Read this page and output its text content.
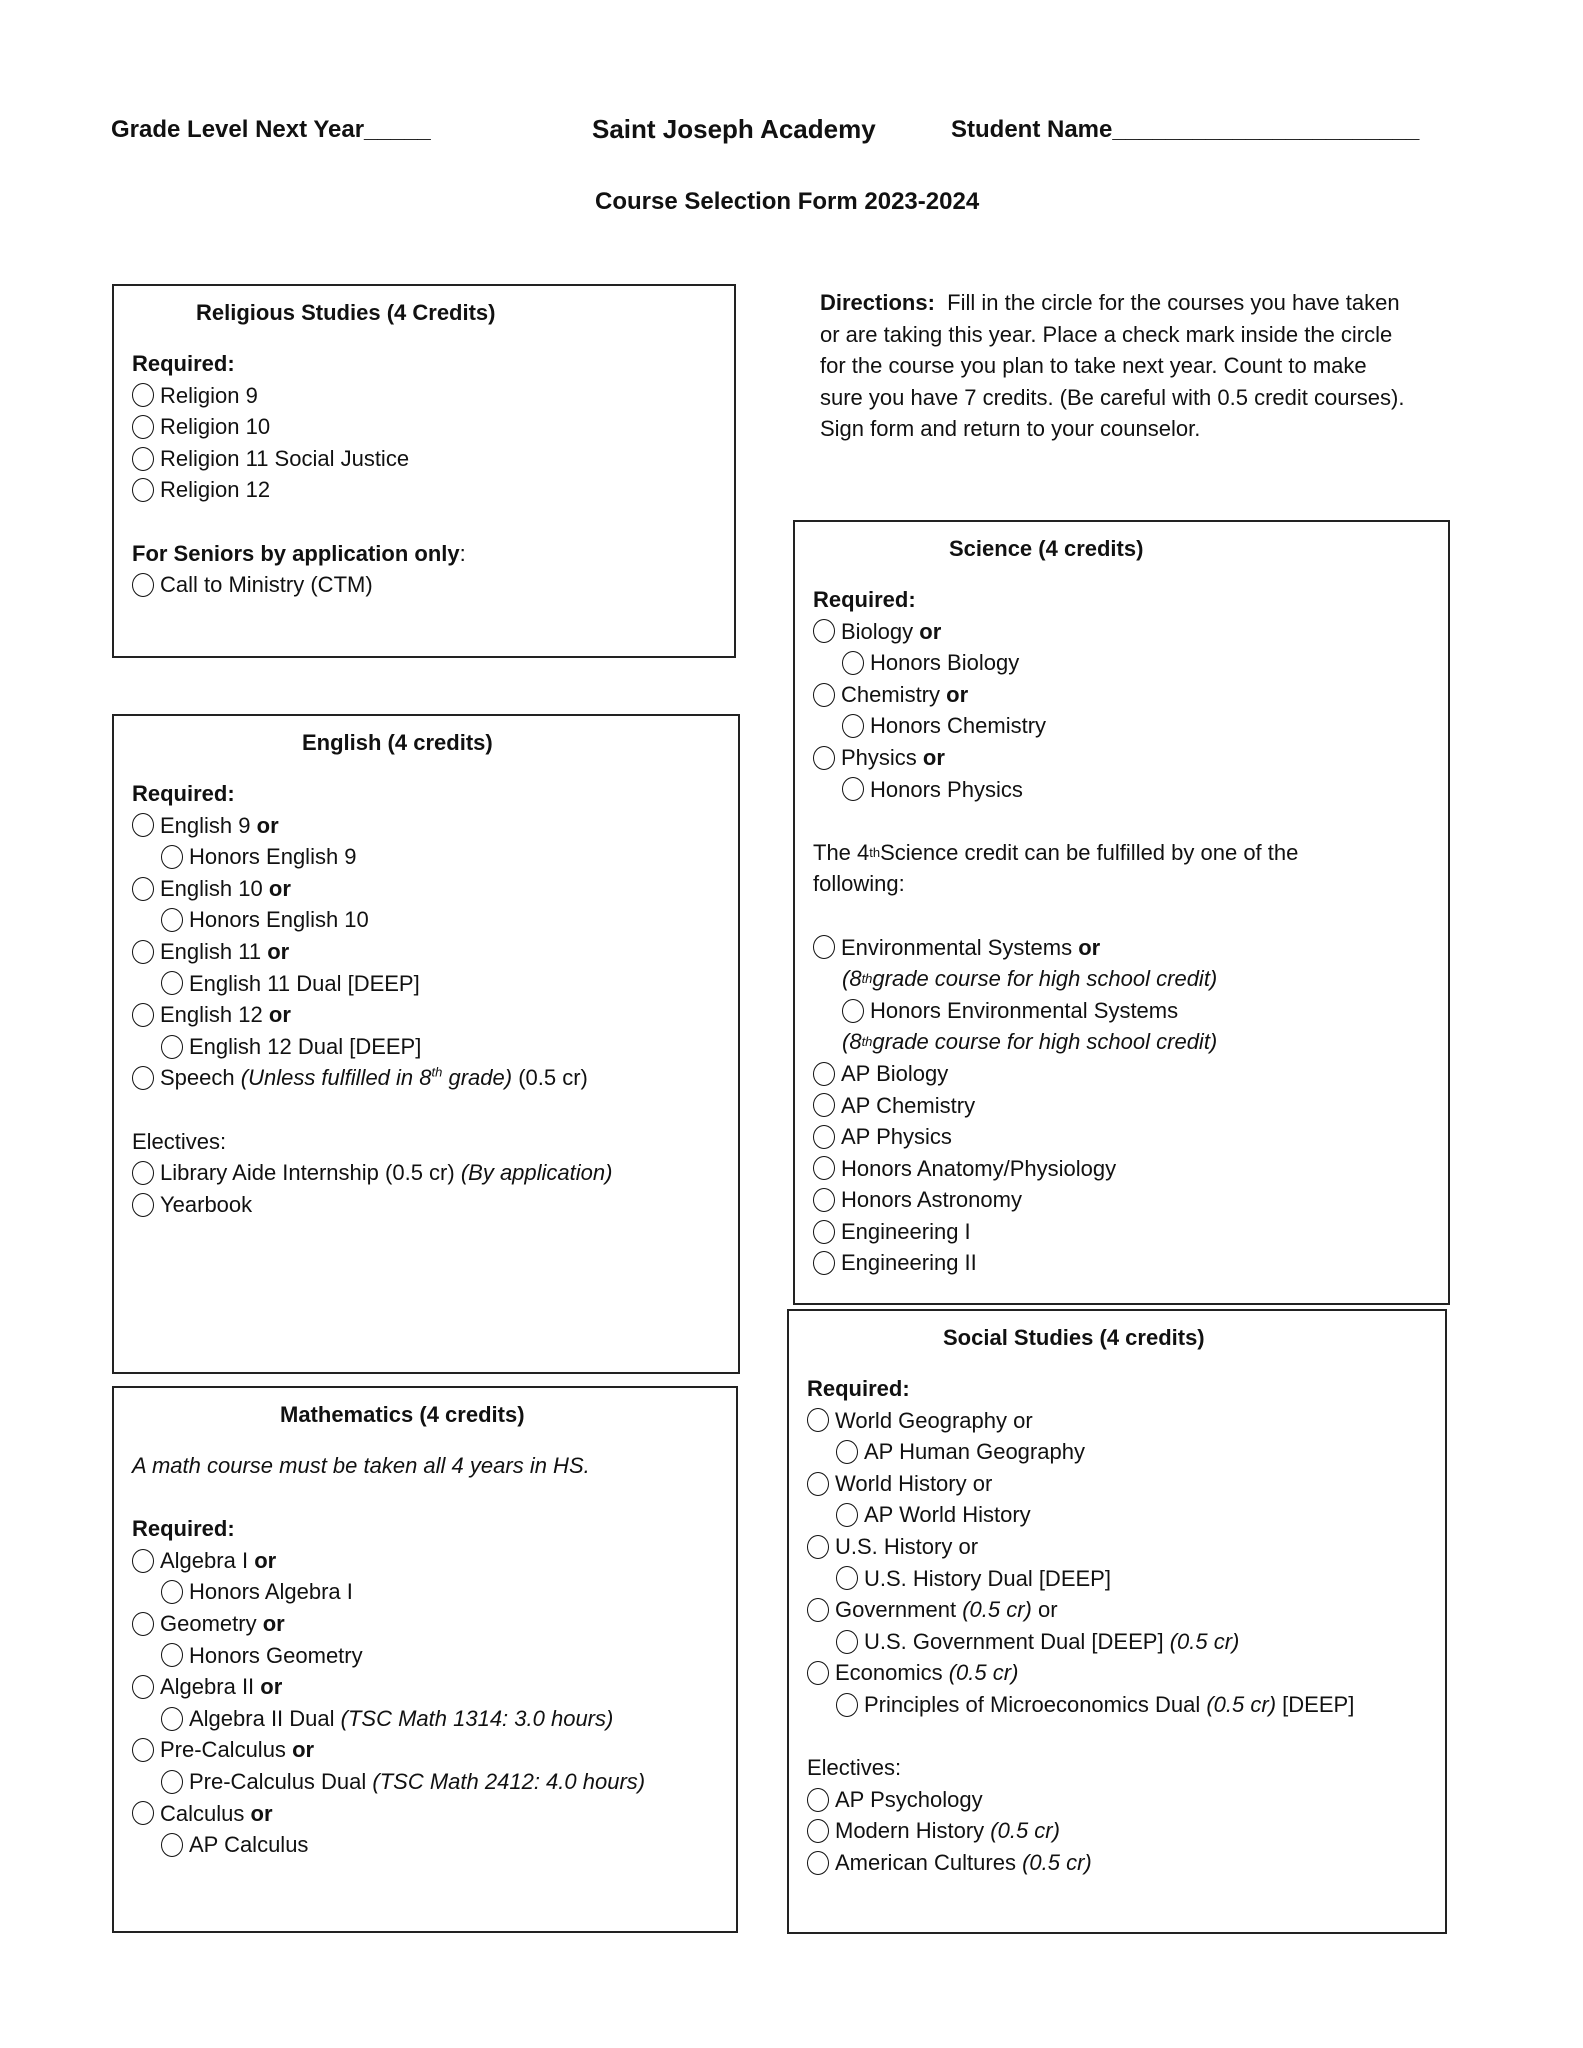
Grade Level Next Year_____	Saint Joseph Academy	Student Name_______________________
Course Selection Form 2023-2024
Religious Studies (4 Credits)
Required:
Religion 9
Religion 10
Religion 11 Social Justice
Religion 12
For Seniors by application only :
Call to Ministry (CTM)
English (4 credits)
Required:
English 9
or
Honors English 9
English 10
or
Honors English 10
English 11
or
English 11 Dual [DEEP]
English 12
or
English 12 Dual [DEEP]
Speech
(Unless fulfilled in 8th grade)
(0.5 cr)
Electives:
Library Aide Internship (0.5 cr)
(By application)
Yearbook
Mathematics (4 credits)
A math course must be taken all 4 years in HS.
Required:
Algebra I
or
Honors Algebra I
Geometry
or
Honors Geometry
Algebra II
or
Algebra II Dual
(TSC Math 1314: 3.0 hours)
Pre-Calculus
or
Pre-Calculus Dual
(TSC Math 2412: 4.0 hours)
Calculus
or
AP Calculus
Directions: Fill in the circle for the courses you have taken or are taking this year. Place a check mark inside the circle for the course you plan to take next year. Count to make sure you have 7 credits. (Be careful with 0.5 credit courses). Sign form and return to your counselor.
Science (4 credits)
Required:
Biology
or
Honors Biology
Chemistry
or
Honors Chemistry
Physics
or
Honors Physics
The 4 th Science credit can be fulfilled by one of the
following:
Environmental Systems
or
(8 th grade course for high school credit)
Honors Environmental Systems
(8 th grade course for high school credit)
AP Biology
AP Chemistry
AP Physics
Honors Anatomy/Physiology
Honors Astronomy
Engineering I
Engineering II
Social Studies (4 credits)
Required:
World Geography or
AP Human Geography
World History or
AP World History
U.S. History or
U.S. History Dual [DEEP]
Government
(0.5 cr)
or
U.S. Government Dual [DEEP]
(0.5 cr)
Economics
(0.5 cr)
Principles of Microeconomics Dual
(0.5 cr)
[DEEP]
Electives:
AP Psychology
Modern History
(0.5 cr)
American Cultures
(0.5 cr)
